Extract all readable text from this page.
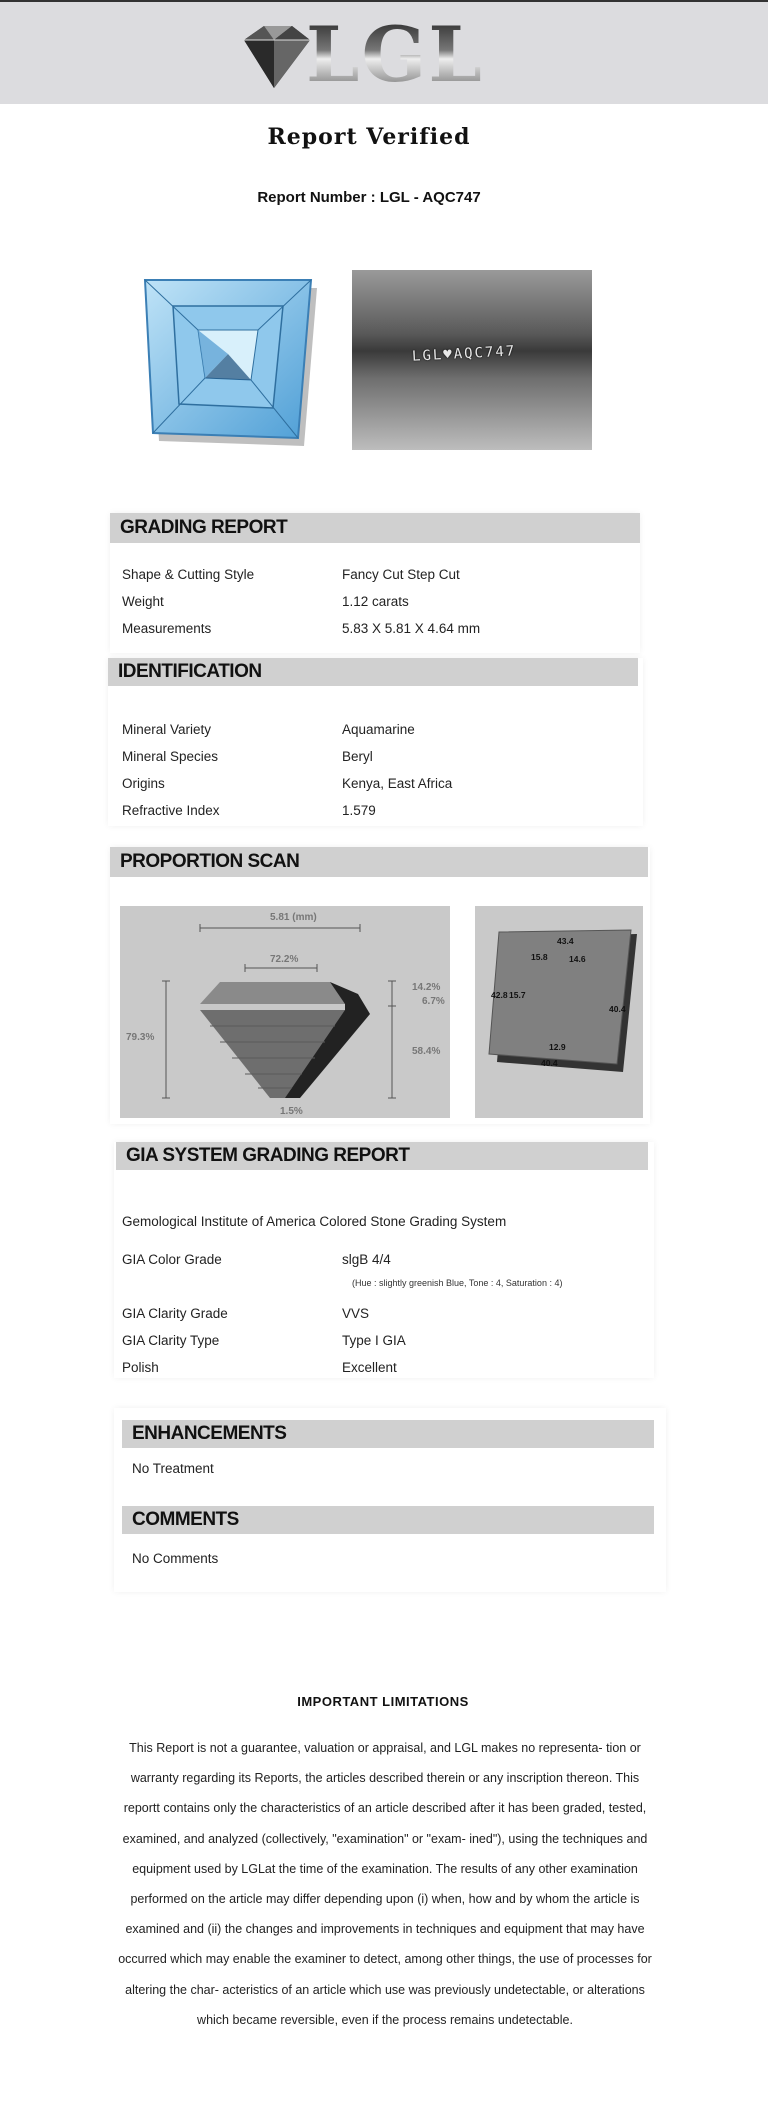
LGL
Report Verified
Report Number : LGL - AQC747
LGL♥AQC747
GRADING REPORT
Shape & Cutting Style	Fancy Cut Step Cut
Weight	1.12 carats
Measurements	5.83 X 5.81 X 4.64 mm
IDENTIFICATION
Mineral Variety	Aquamarine
Mineral Species	Beryl
Origins	Kenya, East Africa
Refractive Index	1.579
PROPORTION SCAN
5.81 (mm)
72.2%
79.3%
14.2%
6.7%
58.4%
1.5%
43.4
15.8	14.6
42.8 15.7
40.4
12.9
40.4
GIA SYSTEM GRADING REPORT
Gemological Institute of America Colored Stone Grading System
GIA Color Grade	slgB 4/4
(Hue : slightly greenish Blue, Tone : 4, Saturation : 4)
GIA Clarity Grade	VVS
GIA Clarity Type	Type I GIA
Polish	Excellent
ENHANCEMENTS
No Treatment
COMMENTS
No Comments
IMPORTANT LIMITATIONS
This Report is not a guarantee, valuation or appraisal, and LGL makes no representa- tion or warranty regarding its Reports, the articles described therein or any inscription thereon. This reportt contains only the characteristics of an article described after it has been graded, tested, examined, and analyzed (collectively, "examination" or "exam- ined"), using the techniques and equipment used by LGLat the time of the examination. The results of any other examination performed on the article may differ depending upon (i) when, how and by whom the article is examined and (ii) the changes and improvements in techniques and equipment that may have occurred which may enable the examiner to detect, among other things, the use of processes for altering the char- acteristics of an article which use was previously undetectable, or alterations which became reversible, even if the process remains undetectable.
